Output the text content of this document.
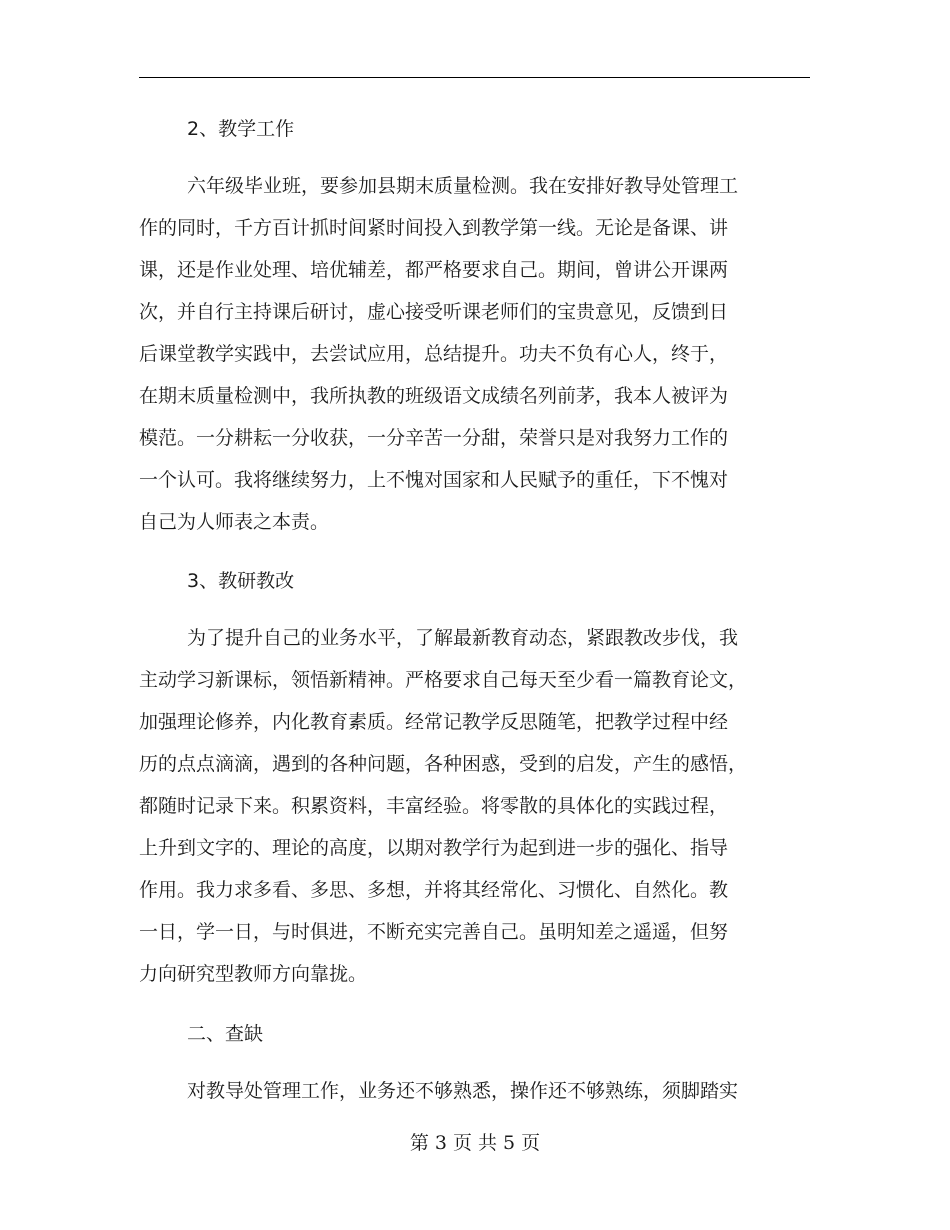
2、教学工作
六年级毕业班，要参加县期末质量检测。我在安排好教导处管理工
作的同时，千方百计抓时间紧时间投入到教学第一线。无论是备课、讲
课，还是作业处理、培优辅差，都严格要求自己。期间，曾讲公开课两
次，并自行主持课后研讨，虚心接受听课老师们的宝贵意见，反馈到日
后课堂教学实践中，去尝试应用，总结提升。功夫不负有心人，终于，
在期末质量检测中，我所执教的班级语文成绩名列前茅，我本人被评为
模范。一分耕耘一分收获，一分辛苦一分甜，荣誉只是对我努力工作的
一个认可。我将继续努力，上不愧对国家和人民赋予的重任，下不愧对
自己为人师表之本责。
3、教研教改
为了提升自己的业务水平，了解最新教育动态，紧跟教改步伐，我
主动学习新课标，领悟新精神。严格要求自己每天至少看一篇教育论文，
加强理论修养，内化教育素质。经常记教学反思随笔，把教学过程中经
历的点点滴滴，遇到的各种问题，各种困惑，受到的启发，产生的感悟，
都随时记录下来。积累资料，丰富经验。将零散的具体化的实践过程，
上升到文字的、理论的高度，以期对教学行为起到进一步的强化、指导
作用。我力求多看、多思、多想，并将其经常化、习惯化、自然化。教
一日，学一日，与时俱进，不断充实完善自己。虽明知差之遥遥，但努
力向研究型教师方向靠拢。
二、查缺
对教导处管理工作，业务还不够熟悉，操作还不够熟练，须脚踏实
第 3 页 共 5 页
